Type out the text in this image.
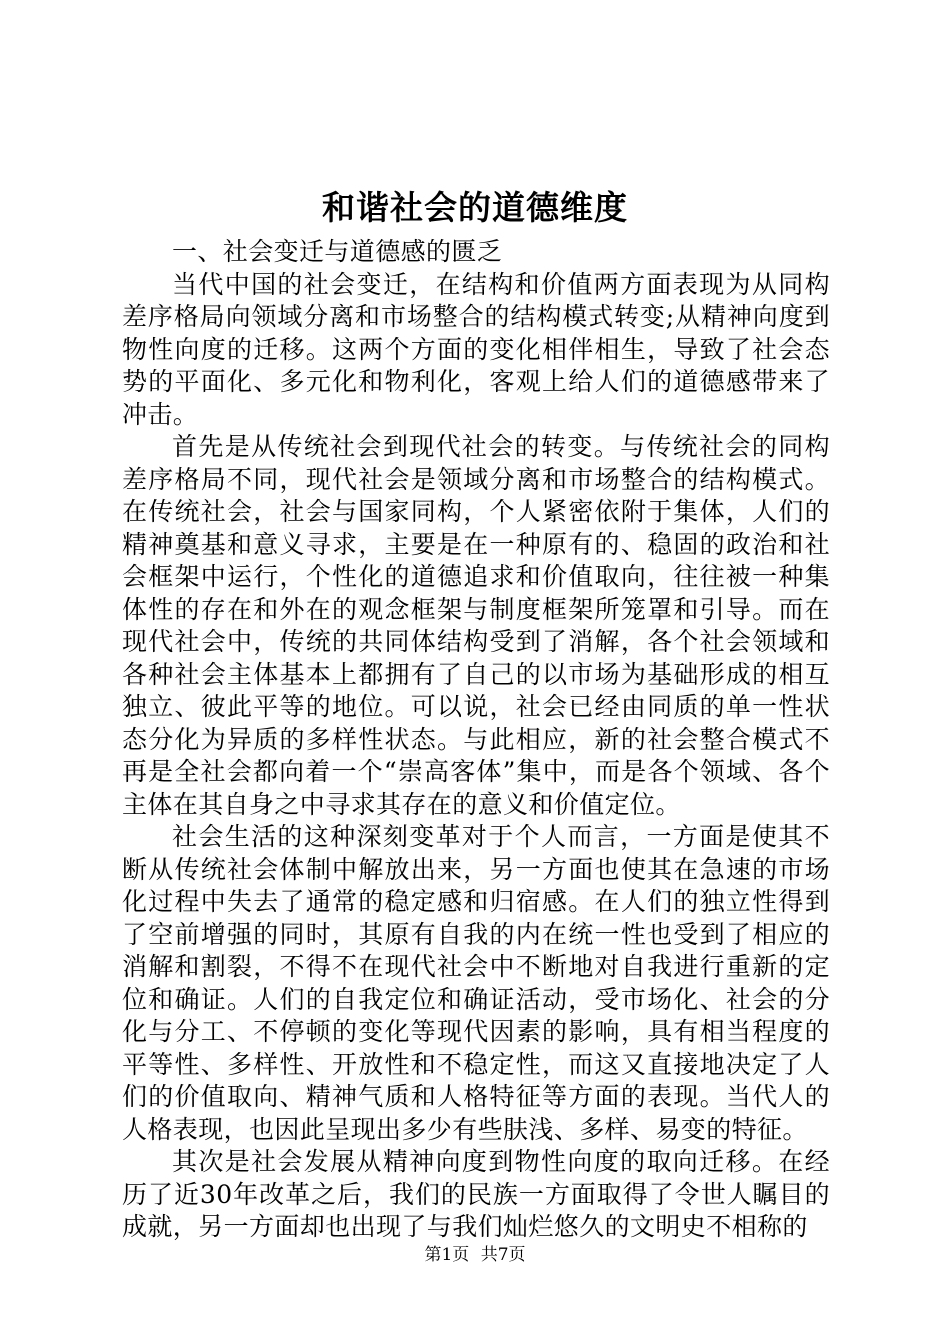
和谐社会的道德维度

一、社会变迁与道德感的匮乏

当代中国的社会变迁，在结构和价值两方面表现为从同构差序格局向领域分离和市场整合的结构模式转变;从精神向度到物性向度的迁移。这两个方面的变化相伴相生，导致了社会态势的平面化、多元化和物利化，客观上给人们的道德感带来了冲击。

首先是从传统社会到现代社会的转变。与传统社会的同构差序格局不同，现代社会是领域分离和市场整合的结构模式。在传统社会，社会与国家同构，个人紧密依附于集体，人们的精神奠基和意义寻求，主要是在一种原有的、稳固的政治和社会框架中运行，个性化的道德追求和价值取向，往往被一种集体性的存在和外在的观念框架与制度框架所笼罩和引导。而在现代社会中，传统的共同体结构受到了消解，各个社会领域和各种社会主体基本上都拥有了自己的以市场为基础形成的相互独立、彼此平等的地位。可以说，社会已经由同质的单一性状态分化为异质的多样性状态。与此相应，新的社会整合模式不再是全社会都向着一个“崇高客体”集中，而是各个领域、各个主体在其自身之中寻求其存在的意义和价值定位。

社会生活的这种深刻变革对于个人而言，一方面是使其不断从传统社会体制中解放出来，另一方面也使其在急速的市场化过程中失去了通常的稳定感和归宿感。在人们的独立性得到了空前增强的同时，其原有自我的内在统一性也受到了相应的消解和割裂，不得不在现代社会中不断地对自我进行重新的定位和确证。人们的自我定位和确证活动，受市场化、社会的分化与分工、不停顿的变化等现代因素的影响，具有相当程度的平等性、多样性、开放性和不稳定性，而这又直接地决定了人们的价值取向、精神气质和人格特征等方面的表现。当代人的人格表现，也因此呈现出多少有些肤浅、多样、易变的特征。

其次是社会发展从精神向度到物性向度的取向迁移。在经历了近30年改革之后，我们的民族一方面取得了令世人瞩目的成就，另一方面却也出现了与我们灿烂悠久的文明史不相称的

第1页 共7页
